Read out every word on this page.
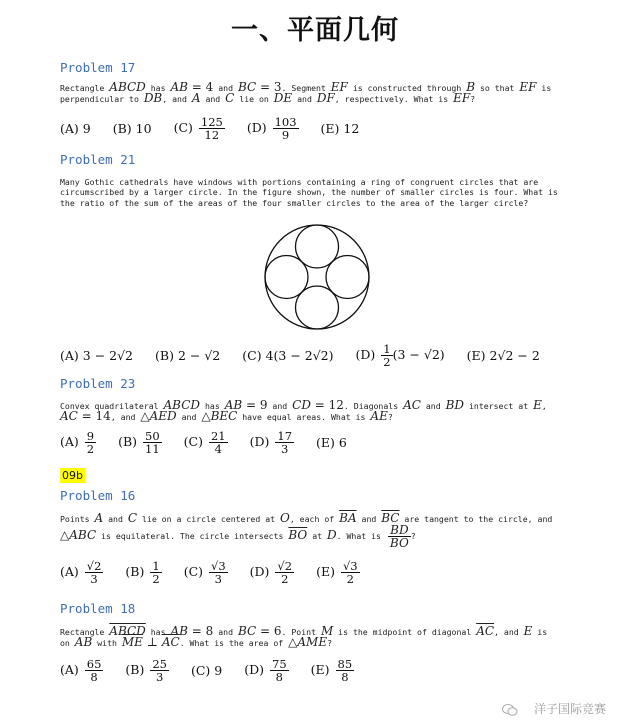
一、平面几何
Problem 17
Rectangle ABCD has AB = 4 and BC = 3. Segment EF is constructed through B so that EF is perpendicular to DB, and A and C lie on DE and DF, respectively. What is EF?
(A) 9 (B) 10 $(C) \frac{125}{12} (D) \frac{103}{9} (E)$ 12
Problem 21
Many Gothic cathedrals have windows with portions containing a ring of congruent circles that are circumscribed by a larger circle. In the figure shown, the number of smaller circles is four. What is the ratio of the sum of the areas of the four smaller circles to the area of the larger circle?
(A) 3 − 2√2 (B) 2 − √2 (C) 4(3 − 2√2) $(D) \frac{1}{2} (3 - √2)$ (E) 2√2 − 2
Problem 23
Convex quadrilateral ABCD has AB = 9 and CD = 12. Diagonals AC and BD intersect at E, AC = 14, and △AED and △BEC have equal areas. What is AE?
$(A) \frac{9}{2} (B) \frac{50}{11} (C) \frac{21}{4} (D) \frac{17}{3} (E)$ 6
09b
Problem 16
Points A and C lie on a circle centered at O, each of $\overline{BA}$ and $\overline{BC}$ are tangent to the circle, and △ABC is equilateral. The circle intersects $\overline{BO}$ at D. What is $\frac{BD}{BO}$ ?
$(A) \frac{√2}{3} (B) \frac{1}{2} (C) \frac{√3}{3} (D) \frac{√2}{2} (E) \frac{√3}{2}$
Problem 18
Rectangle ABCD has AB = 8 and BC = 6. Point M is the midpoint of diagonal $\overline{AC}$, and E is on AB with $\overline{ME}$ ⊥ $\overline{AC}$. What is the area of △AME?
$(A) \frac{65}{8} (B) \frac{25}{3} (C)$ 9 $(D) \frac{75}{8} (E) \frac{85}{8}$
洋子国际竞赛
